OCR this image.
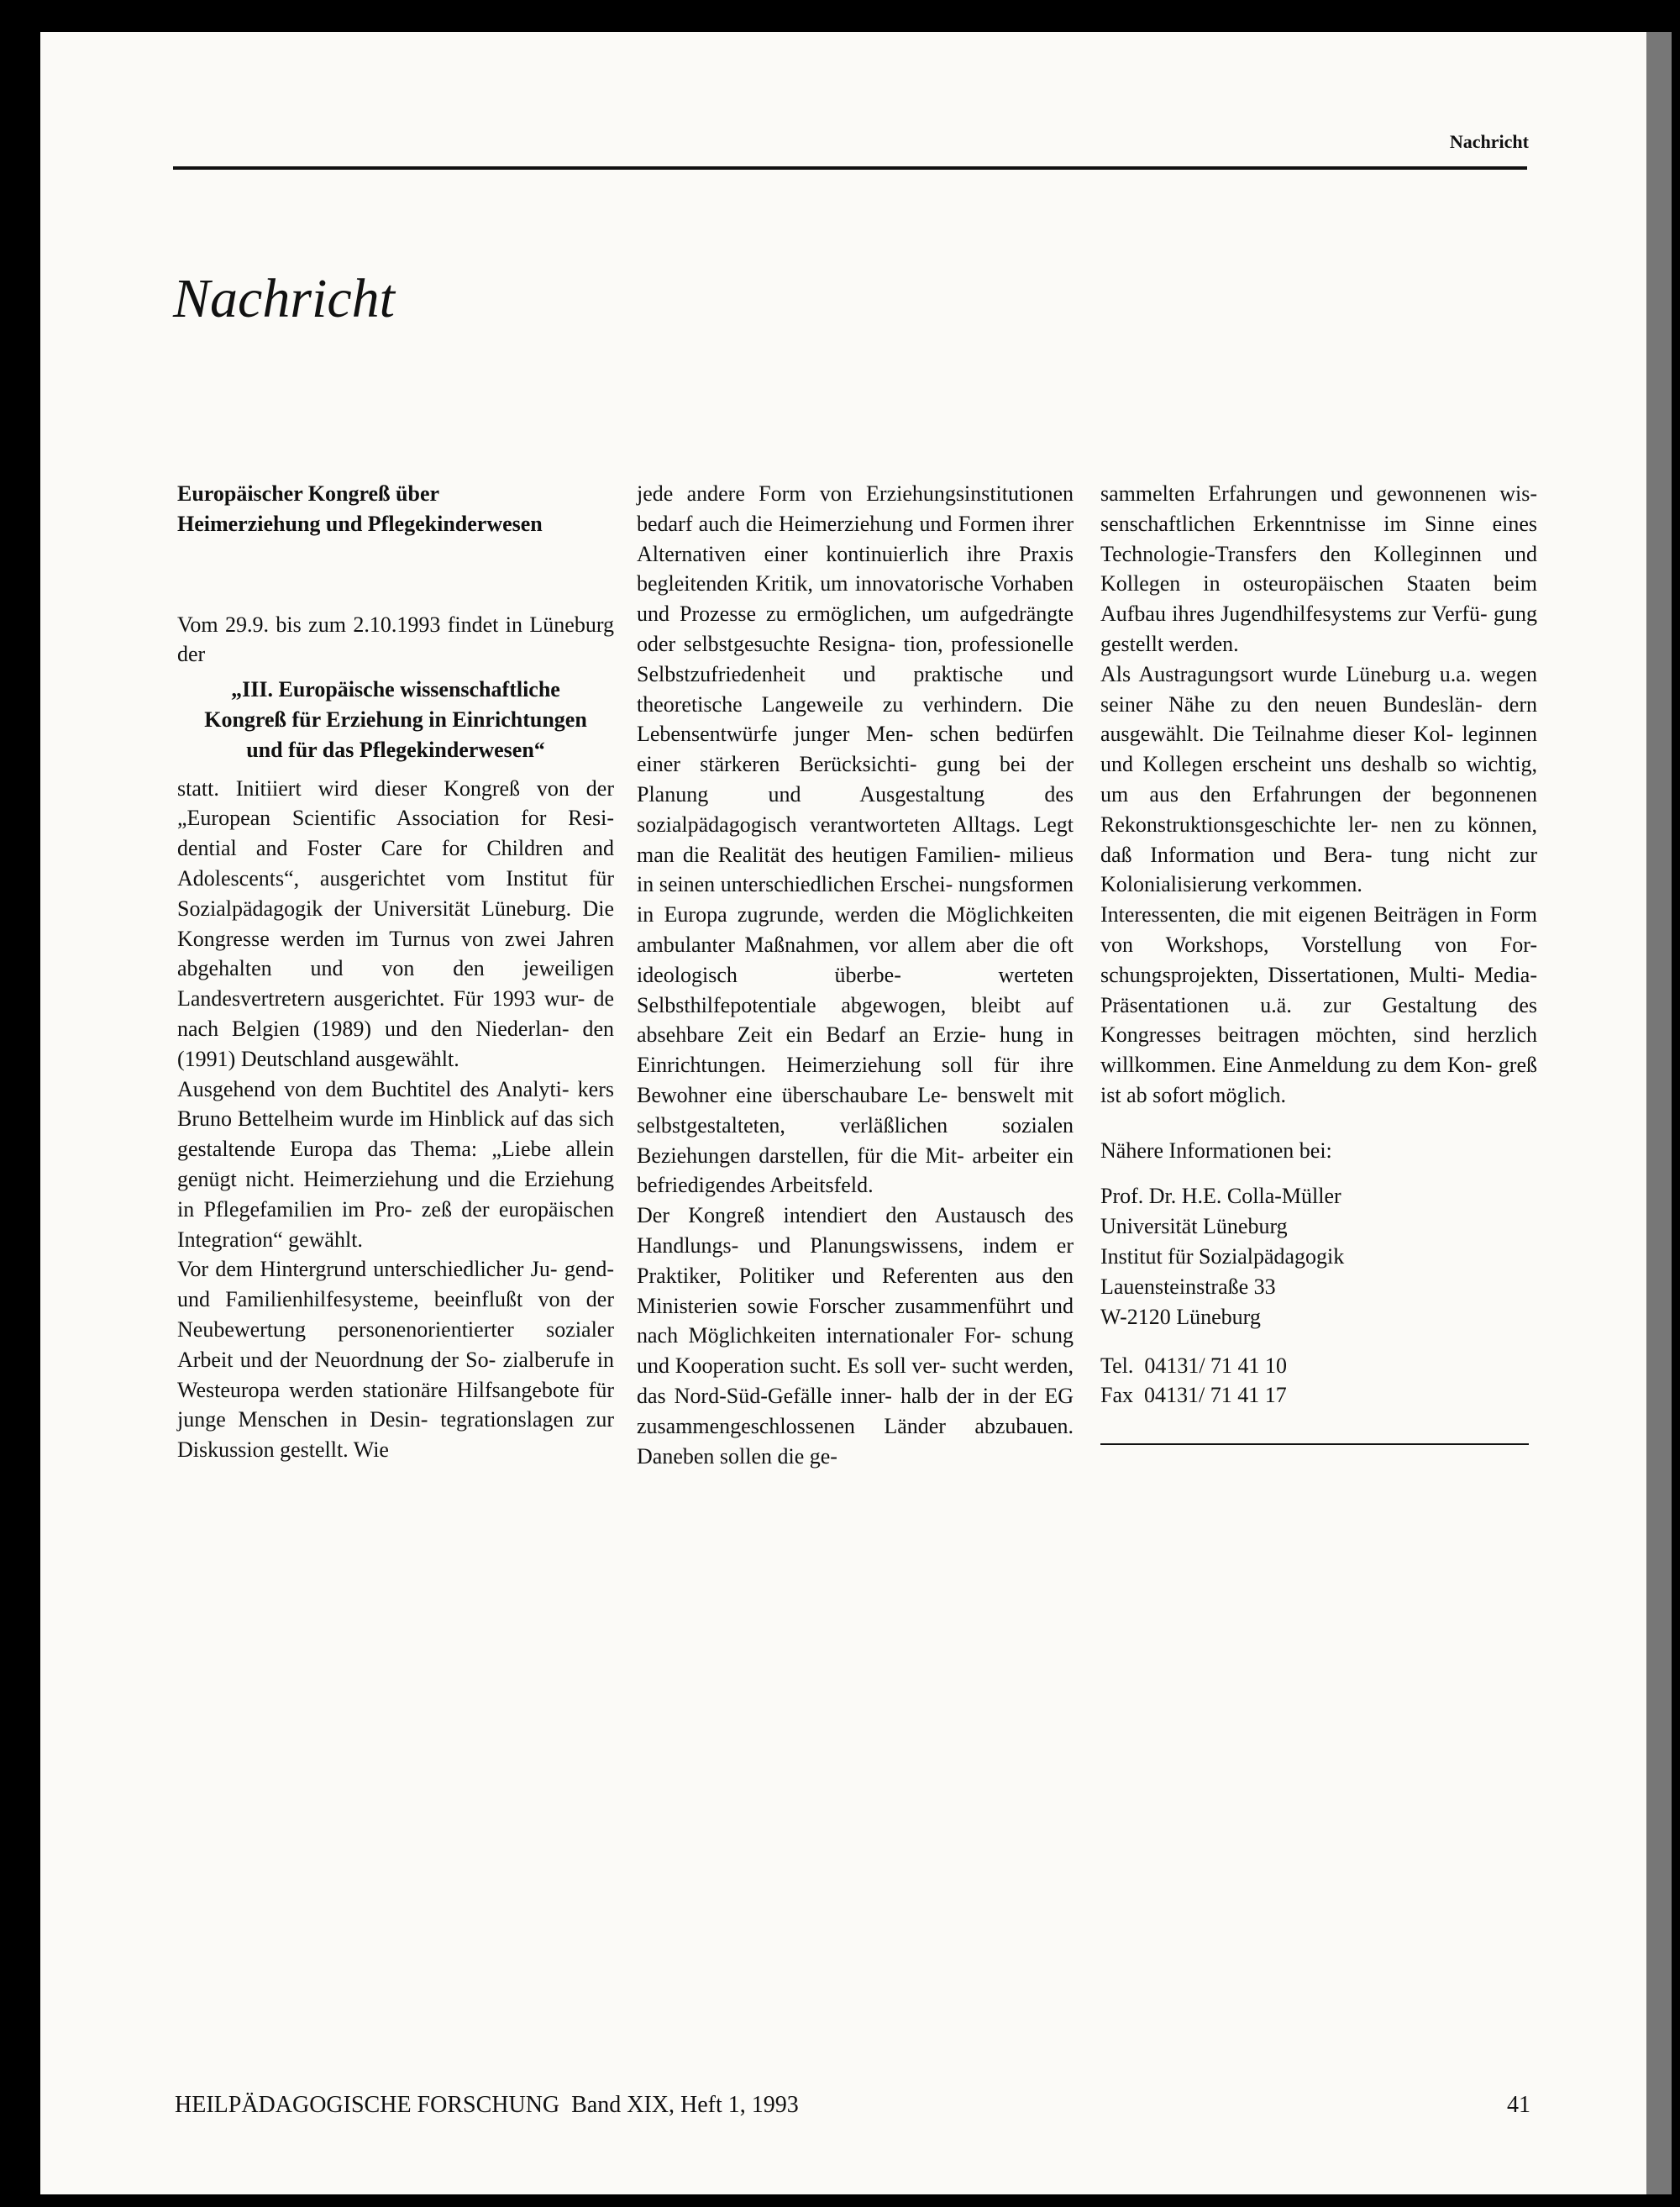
Nachricht
Nachricht

Europäischer Kongreß über
Heimerziehung und Pflegekinderwesen

Vom 29.9. bis zum 2.10.1993 findet in Lüneburg der

„III. Europäische wissenschaftliche
Kongreß für Erziehung in Einrichtungen
und für das Pflegekinderwesen“

statt. Initiiert wird dieser Kongreß von der „European Scientific Association for Resi- dential and Foster Care for Children and Adolescents“, ausgerichtet vom Institut für Sozialpädagogik der Universität Lüneburg. Die Kongresse werden im Turnus von zwei Jahren abgehalten und von den jeweiligen Landesvertretern ausgerichtet. Für 1993 wur- de nach Belgien (1989) und den Niederlan- den (1991) Deutschland ausgewählt.

Ausgehend von dem Buchtitel des Analyti- kers Bruno Bettelheim wurde im Hinblick auf das sich gestaltende Europa das Thema: „Liebe allein genügt nicht. Heimerziehung und die Erziehung in Pflegefamilien im Pro- zeß der europäischen Integration“ gewählt.

Vor dem Hintergrund unterschiedlicher Ju- gend- und Familienhilfesysteme, beeinflußt von der Neubewertung personenorientierter sozialer Arbeit und der Neuordnung der So- zialberufe in Westeuropa werden stationäre Hilfsangebote für junge Menschen in Desin- tegrationslagen zur Diskussion gestellt. Wie

jede andere Form von Erziehungsinstitutionen bedarf auch die Heimerziehung und Formen ihrer Alternativen einer kontinuierlich ihre Praxis begleitenden Kritik, um innovatorische Vorhaben und Prozesse zu ermöglichen, um aufgedrängte oder selbstgesuchte Resigna- tion, professionelle Selbstzufriedenheit und praktische und theoretische Langeweile zu verhindern. Die Lebensentwürfe junger Men- schen bedürfen einer stärkeren Berücksichti- gung bei der Planung und Ausgestaltung des sozialpädagogisch verantworteten Alltags. Legt man die Realität des heutigen Familien- milieus in seinen unterschiedlichen Erschei- nungsformen in Europa zugrunde, werden die Möglichkeiten ambulanter Maßnahmen, vor allem aber die oft ideologisch überbe-	werteten Selbsthilfepotentiale abgewogen, bleibt auf absehbare Zeit ein Bedarf an Erzie- hung in Einrichtungen. Heimerziehung soll für ihre Bewohner eine überschaubare Le- benswelt mit selbstgestalteten, verläßlichen sozialen Beziehungen darstellen, für die Mit- arbeiter ein befriedigendes Arbeitsfeld.

Der Kongreß intendiert den Austausch des Handlungs- und Planungswissens, indem er Praktiker, Politiker und Referenten aus den Ministerien sowie Forscher zusammenführt und nach Möglichkeiten internationaler For- schung und Kooperation sucht. Es soll ver- sucht werden, das Nord-Süd-Gefälle inner- halb der in der EG zusammengeschlossenen Länder abzubauen. Daneben sollen die ge-

sammelten Erfahrungen und gewonnenen wis- senschaftlichen Erkenntnisse im Sinne eines Technologie-Transfers den Kolleginnen und Kollegen in osteuropäischen Staaten beim Aufbau ihres Jugendhilfesystems zur Verfü- gung gestellt werden.

Als Austragungsort wurde Lüneburg u.a. wegen seiner Nähe zu den neuen Bundeslän- dern ausgewählt. Die Teilnahme dieser Kol- leginnen und Kollegen erscheint uns deshalb so wichtig, um aus den Erfahrungen der begonnenen Rekonstruktionsgeschichte ler- nen zu können, daß Information und Bera- tung nicht zur Kolonialisierung verkommen.

Interessenten, die mit eigenen Beiträgen in Form von Workshops, Vorstellung von For- schungsprojekten, Dissertationen, Multi- Media-Präsentationen u.ä. zur Gestaltung des Kongresses beitragen möchten, sind herzlich willkommen. Eine Anmeldung zu dem Kon- greß ist ab sofort möglich.

Nähere Informationen bei:

Prof. Dr. H.E. Colla-Müller
Universität Lüneburg
Institut für Sozialpädagogik
Lauensteinstraße 33
W-2120 Lüneburg
Tel.  04131/ 71 41 10
Fax  04131/ 71 41 17
HEILPÄDAGOGISCHE FORSCHUNG  Band XIX, Heft 1, 1993	41
